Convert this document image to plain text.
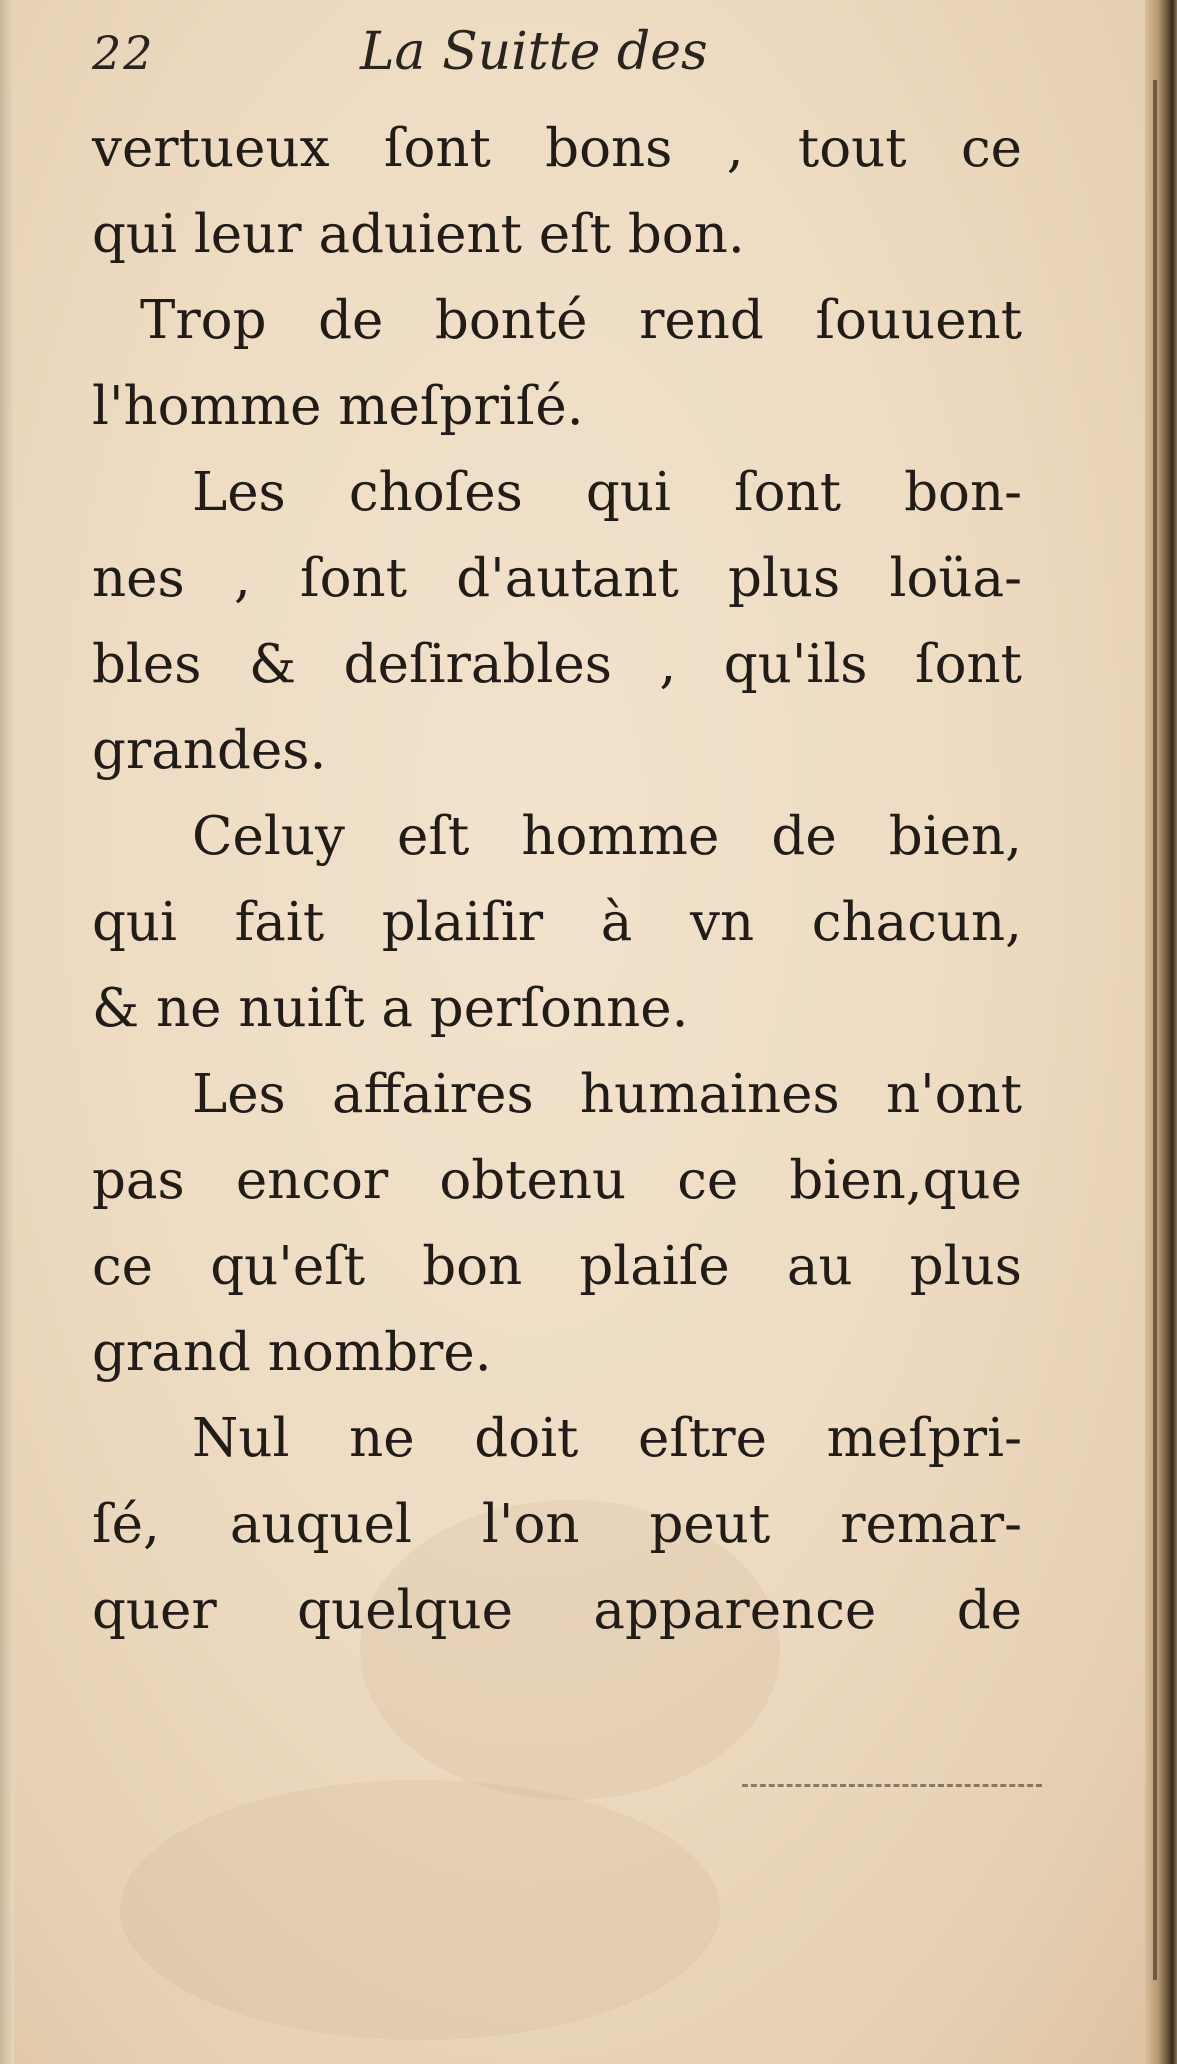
22	La Suitte des
vertueux ſont bons , tout ce
qui leur aduient eſt bon.
Trop de bonté rend ſouuent
l'homme meſpriſé.
Les choſes qui ſont bon-
nes , ſont d'autant plus loüa-
bles & deſirables , qu'ils ſont
grandes.
Celuy eſt homme de bien,
qui fait plaiſir à vn chacun,
& ne nuiſt a perſonne.
Les affaires humaines n'ont
pas encor obtenu ce bien,que
ce qu'eſt bon plaiſe au plus
grand nombre.
Nul ne doit eſtre meſpri-
ſé, auquel l'on peut remar-
quer quelque apparence de
